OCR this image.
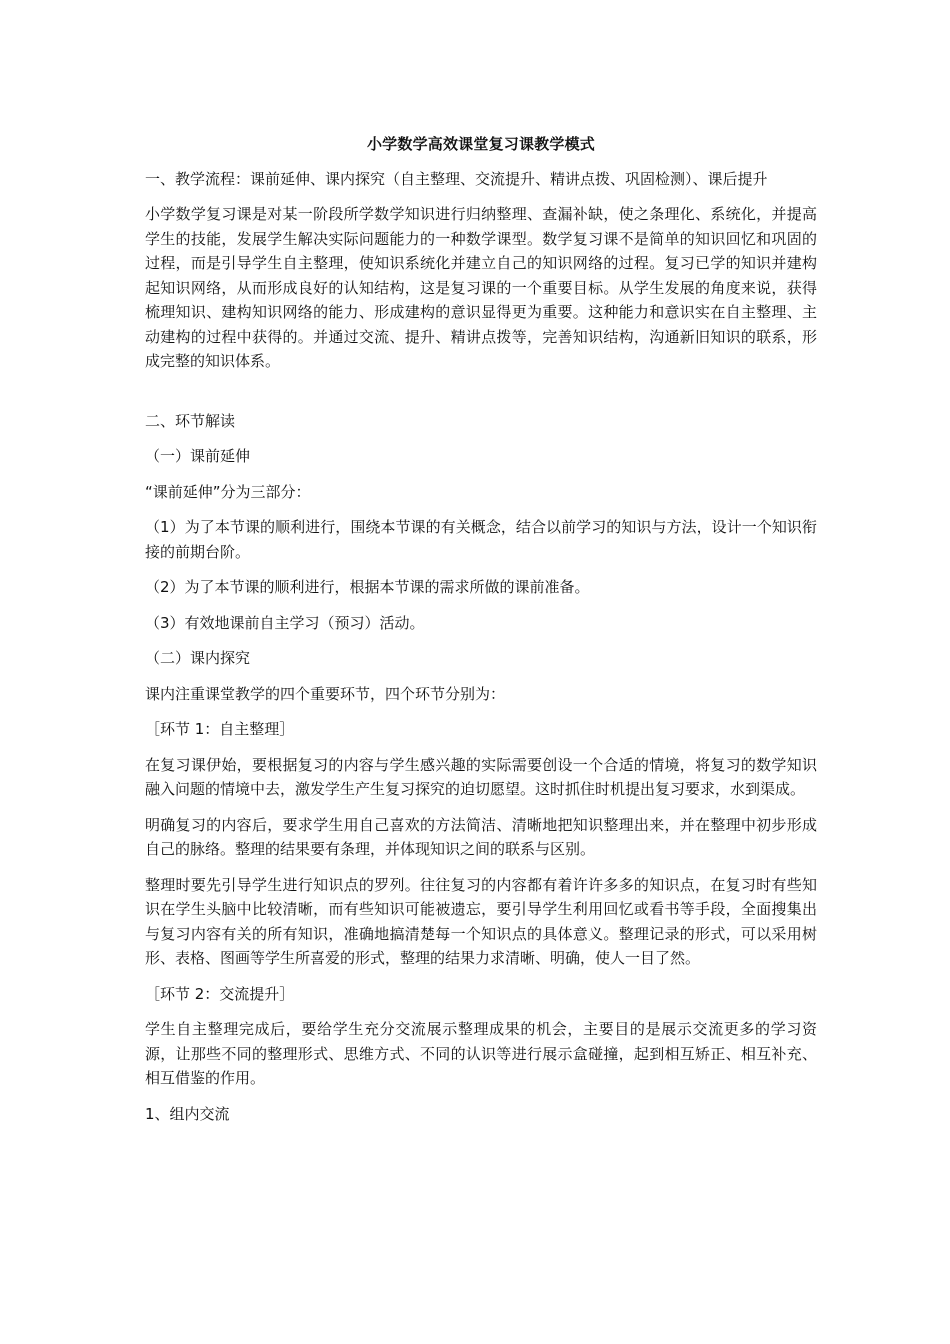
小学数学高效课堂复习课教学模式

一、教学流程：课前延伸、课内探究（自主整理、交流提升、精讲点拨、巩固检测）、课后提升

小学数学复习课是对某一阶段所学数学知识进行归纳整理、查漏补缺，使之条理化、系统化，并提高学生的技能，发展学生解决实际问题能力的一种数学课型。数学复习课不是简单的知识回忆和巩固的过程，而是引导学生自主整理，使知识系统化并建立自己的知识网络的过程。复习已学的知识并建构起知识网络，从而形成良好的认知结构，这是复习课的一个重要目标。从学生发展的角度来说，获得梳理知识、建构知识网络的能力、形成建构的意识显得更为重要。这种能力和意识实在自主整理、主动建构的过程中获得的。并通过交流、提升、精讲点拨等，完善知识结构，沟通新旧知识的联系，形成完整的知识体系。

二、环节解读

（一）课前延伸

“课前延伸”分为三部分：

（1）为了本节课的顺利进行，围绕本节课的有关概念，结合以前学习的知识与方法，设计一个知识衔接的前期台阶。

（2）为了本节课的顺利进行，根据本节课的需求所做的课前准备。

（3）有效地课前自主学习（预习）活动。

（二）课内探究

课内注重课堂教学的四个重要环节，四个环节分别为：

［环节 1：自主整理］

在复习课伊始，要根据复习的内容与学生感兴趣的实际需要创设一个合适的情境，将复习的数学知识融入问题的情境中去，激发学生产生复习探究的迫切愿望。这时抓住时机提出复习要求，水到渠成。

明确复习的内容后，要求学生用自己喜欢的方法简洁、清晰地把知识整理出来，并在整理中初步形成自己的脉络。整理的结果要有条理，并体现知识之间的联系与区别。

整理时要先引导学生进行知识点的罗列。往往复习的内容都有着许许多多的知识点，在复习时有些知识在学生头脑中比较清晰，而有些知识可能被遗忘，要引导学生利用回忆或看书等手段，全面搜集出与复习内容有关的所有知识，准确地搞清楚每一个知识点的具体意义。整理记录的形式，可以采用树形、表格、图画等学生所喜爱的形式，整理的结果力求清晰、明确，使人一目了然。

［环节 2：交流提升］

学生自主整理完成后，要给学生充分交流展示整理成果的机会，主要目的是展示交流更多的学习资源，让那些不同的整理形式、思维方式、不同的认识等进行展示盒碰撞，起到相互矫正、相互补充、相互借鉴的作用。

1、组内交流
